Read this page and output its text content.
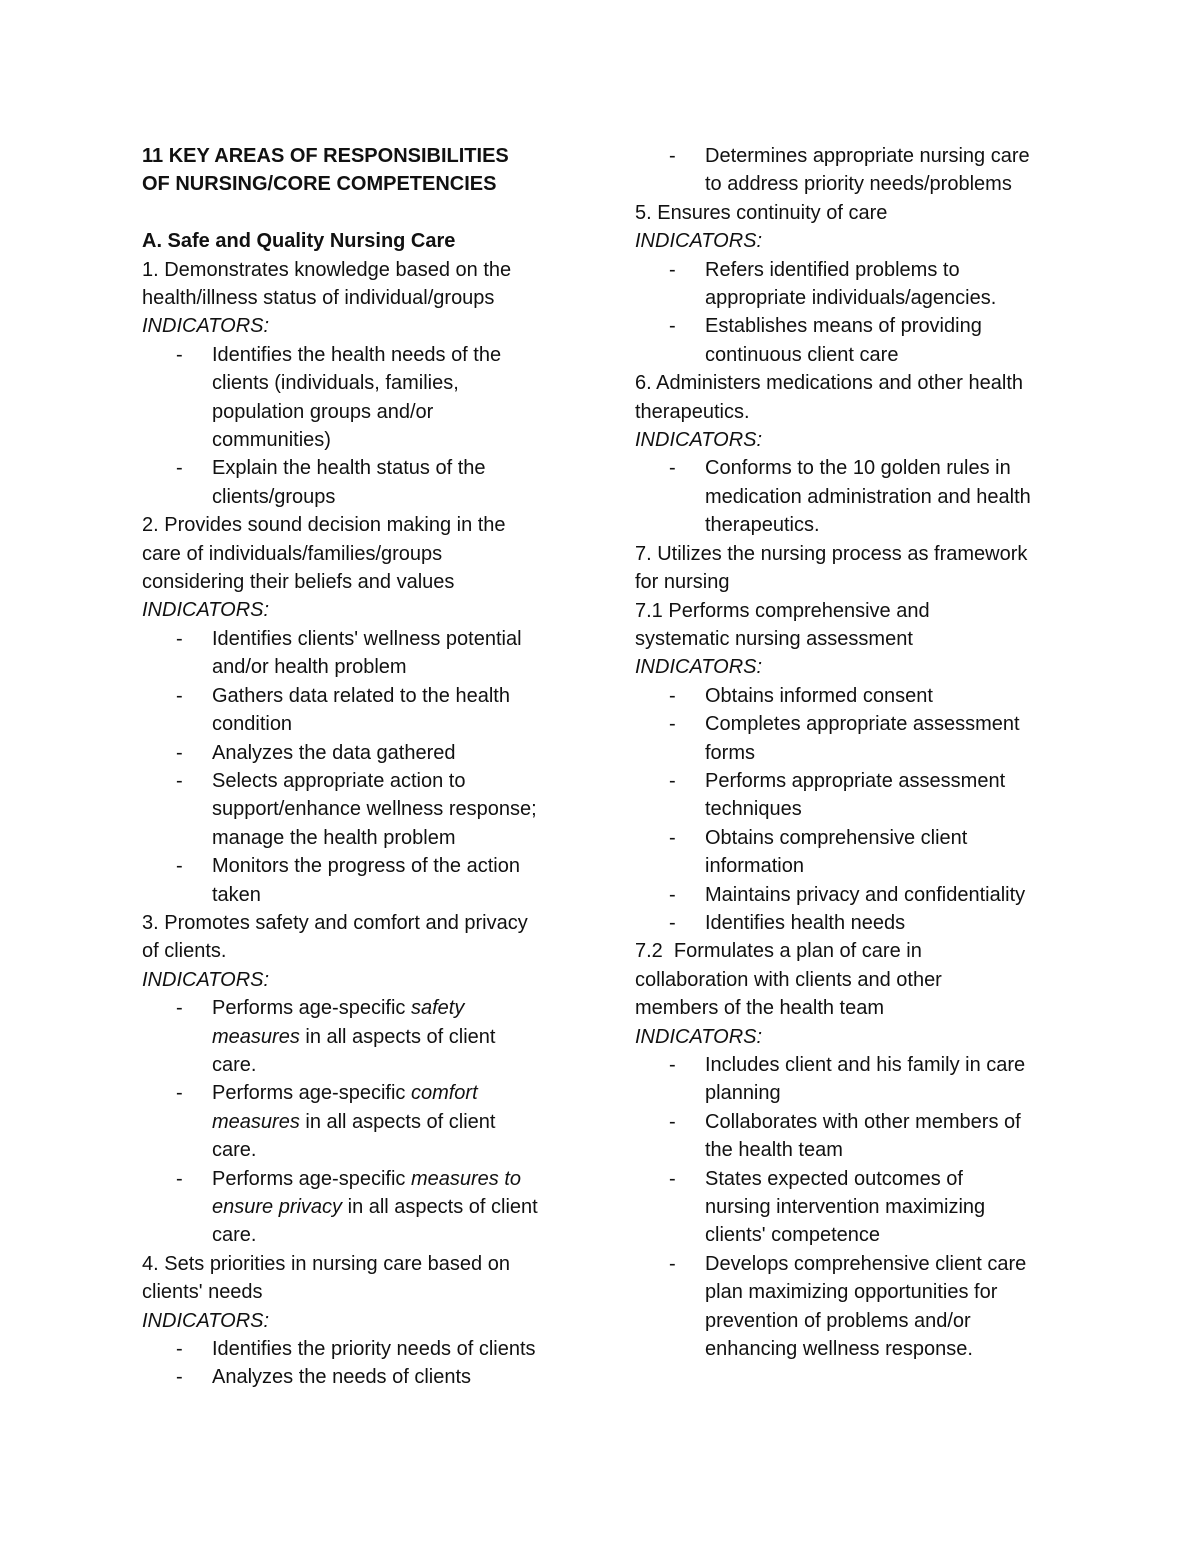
11 KEY AREAS OF RESPONSIBILITIES
OF NURSING/CORE COMPETENCIES
A. Safe and Quality Nursing Care
1. Demonstrates knowledge based on the
health/illness status of individual/groups
INDICATORS:
- Identifies the health needs of the
clients (individuals, families,
population groups and/or
communities)
- Explain the health status of the
clients/groups
2. Provides sound decision making in the
care of individuals/families/groups
considering their beliefs and values
INDICATORS:
- Identifies clients' wellness potential
and/or health problem
- Gathers data related to the health
condition
- Analyzes the data gathered
- Selects appropriate action to
support/enhance wellness response;
manage the health problem
- Monitors the progress of the action
taken
3. Promotes safety and comfort and privacy
of clients.
INDICATORS:
- Performs age-specific safety
measures in all aspects of client
care.
- Performs age-specific comfort
measures in all aspects of client
care.
- Performs age-specific measures to
ensure privacy in all aspects of client
care.
4. Sets priorities in nursing care based on
clients' needs
INDICATORS:
- Identifies the priority needs of clients
- Analyzes the needs of clients
- Determines appropriate nursing care
to address priority needs/problems
5. Ensures continuity of care
INDICATORS:
- Refers identified problems to
appropriate individuals/agencies.
- Establishes means of providing
continuous client care
6. Administers medications and other health
therapeutics.
INDICATORS:
- Conforms to the 10 golden rules in
medication administration and health
therapeutics.
7. Utilizes the nursing process as framework
for nursing
7.1 Performs comprehensive and
systematic nursing assessment
INDICATORS:
- Obtains informed consent
- Completes appropriate assessment
forms
- Performs appropriate assessment
techniques
- Obtains comprehensive client
information
- Maintains privacy and confidentiality
- Identifies health needs
7.2  Formulates a plan of care in
collaboration with clients and other
members of the health team
INDICATORS:
- Includes client and his family in care
planning
- Collaborates with other members of
the health team
- States expected outcomes of
nursing intervention maximizing
clients' competence
- Develops comprehensive client care
plan maximizing opportunities for
prevention of problems and/or
enhancing wellness response.
